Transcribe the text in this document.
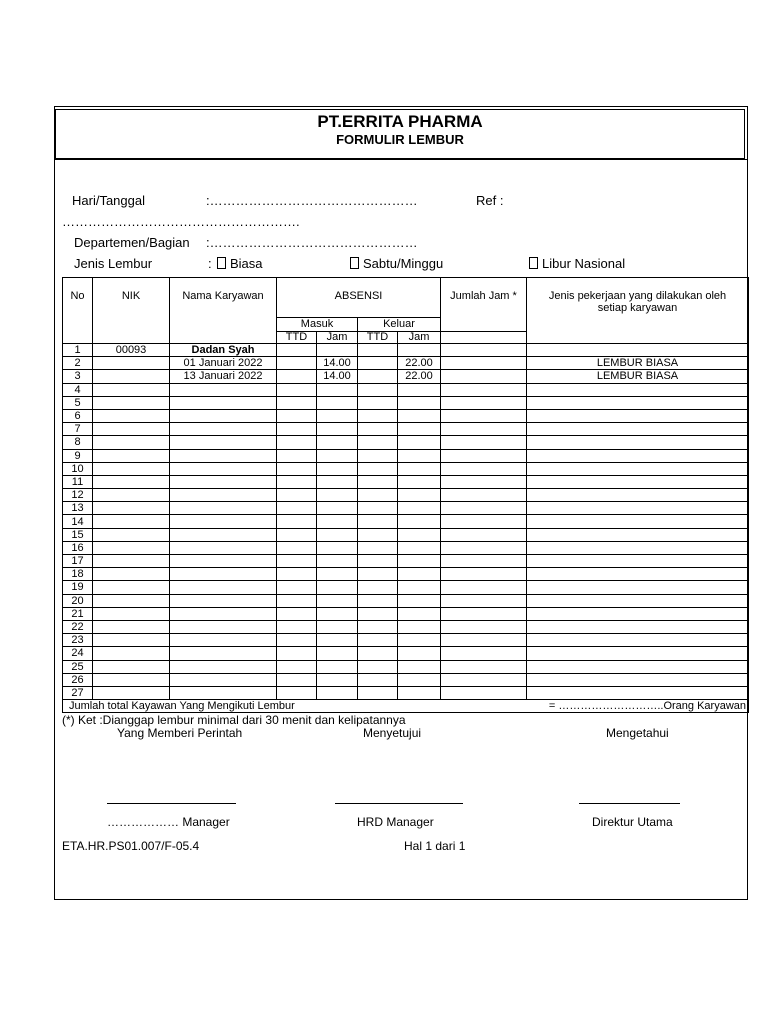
PT.ERRITA PHARMA
FORMULIR LEMBUR
Hari/Tanggal	:…………………………………………	Ref :
……………………………………………….
Departemen/Bagian :…………………………………………
Jenis Lembur	:	Biasa	Sabtu/Minggu	Libur Nasional
No	NIK	Nama Karyawan	ABSENSI				Jumlah Jam *	Jenis pekerjaan yang dilakukan oleh
setiap karyawan

			Masuk		Keluar			
			TTD	Jam	TTD	Jam		
1	00093	Dadan Syah						
2		01 Januari 2022		14.00		22.00		LEMBUR BIASA
3		13 Januari 2022		14.00		22.00		LEMBUR BIASA
4								
5								
6								
7								
8								
9								
10								
11								
12								
13								
14								
15								
16								
17								
18								
19								
20								
21								
22								
23								
24								
25								
26								
27								
Jumlah total Kayawan Yang Mengikuti Lembur								= ………………………..Orang Karyawan
(*) Ket :Dianggap lembur minimal dari 30 menit dan kelipatannya
Yang Memberi Perintah	Menyetujui	Mengetahui
……………… Manager	HRD Manager	Direktur Utama
ETA.HR.PS01.007/F-05.4	Hal 1 dari 1
